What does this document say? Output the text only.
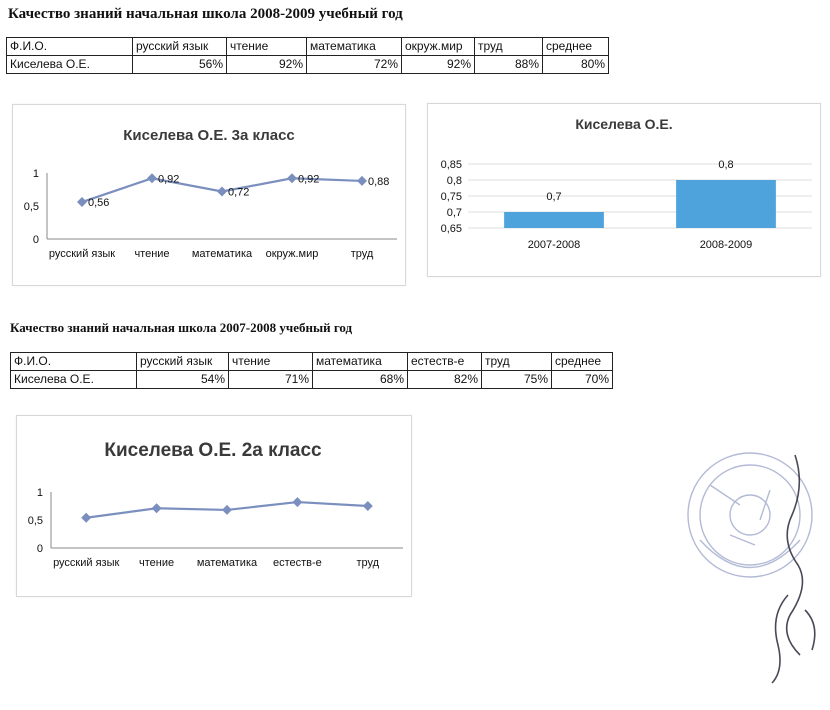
Качество знаний начальная школа 2008-2009 учебный год
Ф.И.О.	русский язык	чтение	математика	окруж.мир	труд	среднее
Киселева О.Е.	56%	92%	72%	92%	88%	80%
Киселева О.Е. 3а класс
0
0,5
1
русский язык чтение математика окруж.мир	труд
0,56
0,92
0,72
0,92	0,88
Киселева О.Е.
0,65
0,7
0,75
0,8
0,85
0,7
2007-2008
0,8
2008-2009
Качество знаний начальная школа 2007-2008 учебный год
Ф.И.О.	русский язык	чтение	математика	естеств-е	труд	среднее
Киселева О.Е.	54%	71%	68%	82%	75%	70%
Киселева О.Е. 2а класс
0
0,5
1
русский язык чтение математика естеств-е	труд
